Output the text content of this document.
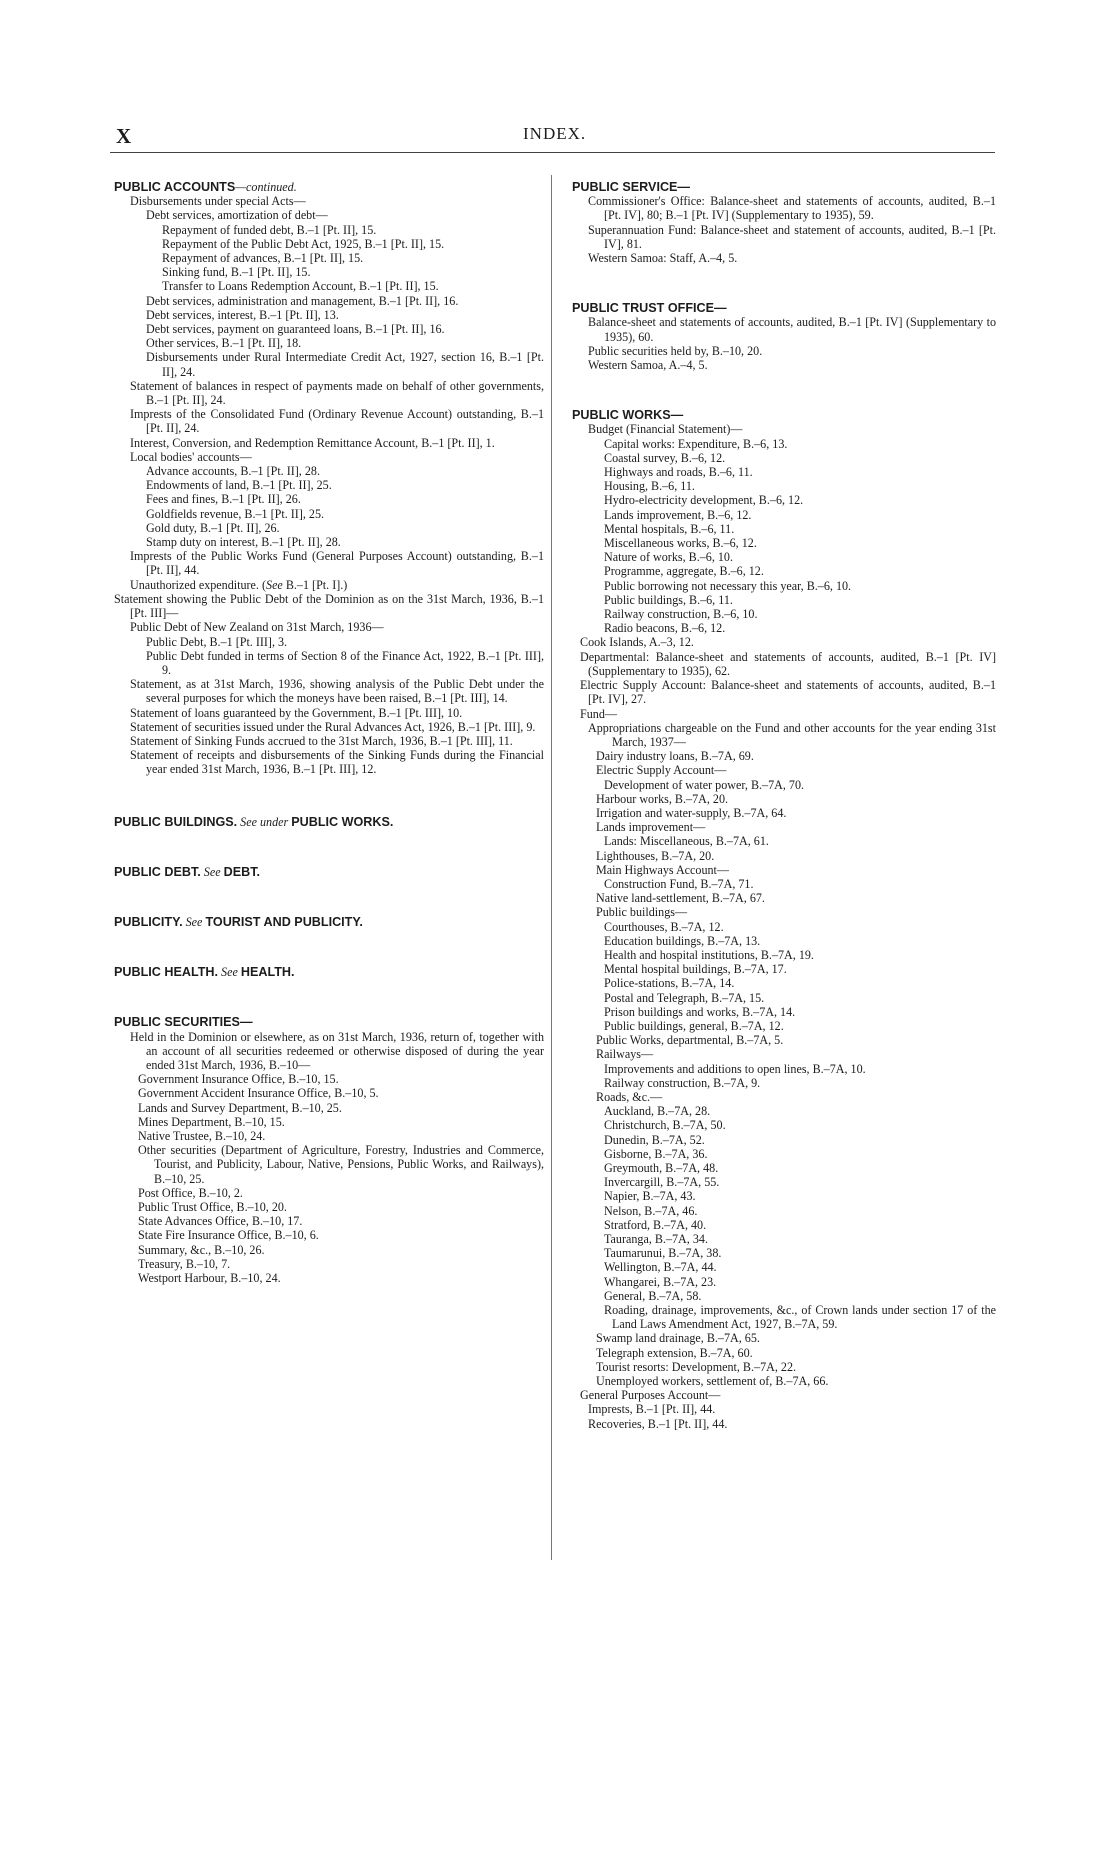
X	INDEX.
PUBLIC ACCOUNTS—continued.
Disbursements under special Acts—
Debt services, amortization of debt—
Repayment of funded debt, B.–1 [Pt. II], 15.
Repayment of the Public Debt Act, 1925, B.–1 [Pt. II], 15.
Repayment of advances, B.–1 [Pt. II], 15.
Sinking fund, B.–1 [Pt. II], 15.
Transfer to Loans Redemption Account, B.–1 [Pt. II], 15.
Debt services, administration and management, B.–1 [Pt. II], 16.
Debt services, interest, B.–1 [Pt. II], 13.
Debt services, payment on guaranteed loans, B.–1 [Pt. II], 16.
Other services, B.–1 [Pt. II], 18.
Disbursements under Rural Intermediate Credit Act, 1927, section 16, B.–1 [Pt. II], 24.
Statement of balances in respect of payments made on behalf of other governments, B.–1 [Pt. II], 24.
Imprests of the Consolidated Fund (Ordinary Revenue Account) outstanding, B.–1 [Pt. II], 24.
Interest, Conversion, and Redemption Remittance Account, B.–1 [Pt. II], 1.
Local bodies' accounts—
Advance accounts, B.–1 [Pt. II], 28.
Endowments of land, B.–1 [Pt. II], 25.
Fees and fines, B.–1 [Pt. II], 26.
Goldfields revenue, B.–1 [Pt. II], 25.
Gold duty, B.–1 [Pt. II], 26.
Stamp duty on interest, B.–1 [Pt. II], 28.
Imprests of the Public Works Fund (General Purposes Account) outstanding, B.–1 [Pt. II], 44.
Unauthorized expenditure. (See B.–1 [Pt. I].)
Statement showing the Public Debt of the Dominion as on the 31st March, 1936, B.–1 [Pt. III]—
Public Debt of New Zealand on 31st March, 1936—
Public Debt, B.–1 [Pt. III], 3.
Public Debt funded in terms of Section 8 of the Finance Act, 1922, B.–1 [Pt. III], 9.
Statement, as at 31st March, 1936, showing analysis of the Public Debt under the several purposes for which the moneys have been raised, B.–1 [Pt. III], 14.
Statement of loans guaranteed by the Government, B.–1 [Pt. III], 10.
Statement of securities issued under the Rural Advances Act, 1926, B.–1 [Pt. III], 9.
Statement of Sinking Funds accrued to the 31st March, 1936, B.–1 [Pt. III], 11.
Statement of receipts and disbursements of the Sinking Funds during the Financial year ended 31st March, 1936, B.–1 [Pt. III], 12.
PUBLIC BUILDINGS. See under PUBLIC WORKS.
PUBLIC DEBT. See DEBT.
PUBLICITY. See TOURIST AND PUBLICITY.
PUBLIC HEALTH. See HEALTH.
PUBLIC SECURITIES—
Held in the Dominion or elsewhere, as on 31st March, 1936, return of, together with an account of all securities redeemed or otherwise disposed of during the year ended 31st March, 1936, B.–10—
Government Insurance Office, B.–10, 15.
Government Accident Insurance Office, B.–10, 5.
Lands and Survey Department, B.–10, 25.
Mines Department, B.–10, 15.
Native Trustee, B.–10, 24.
Other securities (Department of Agriculture, Forestry, Industries and Commerce, Tourist, and Publicity, Labour, Native, Pensions, Public Works, and Railways), B.–10, 25.
Post Office, B.–10, 2.
Public Trust Office, B.–10, 20.
State Advances Office, B.–10, 17.
State Fire Insurance Office, B.–10, 6.
Summary, &c., B.–10, 26.
Treasury, B.–10, 7.
Westport Harbour, B.–10, 24.
PUBLIC SERVICE—
Commissioner's Office: Balance-sheet and statements of accounts, audited, B.–1 [Pt. IV], 80; B.–1 [Pt. IV] (Supplementary to 1935), 59.
Superannuation Fund: Balance-sheet and statement of accounts, audited, B.–1 [Pt. IV], 81.
Western Samoa: Staff, A.–4, 5.
PUBLIC TRUST OFFICE—
Balance-sheet and statements of accounts, audited, B.–1 [Pt. IV] (Supplementary to 1935), 60.
Public securities held by, B.–10, 20.
Western Samoa, A.–4, 5.
PUBLIC WORKS—
Budget (Financial Statement)—
Capital works: Expenditure, B.–6, 13.
Coastal survey, B.–6, 12.
Highways and roads, B.–6, 11.
Housing, B.–6, 11.
Hydro-electricity development, B.–6, 12.
Lands improvement, B.–6, 12.
Mental hospitals, B.–6, 11.
Miscellaneous works, B.–6, 12.
Nature of works, B.–6, 10.
Programme, aggregate, B.–6, 12.
Public borrowing not necessary this year, B.–6, 10.
Public buildings, B.–6, 11.
Railway construction, B.–6, 10.
Radio beacons, B.–6, 12.
Cook Islands, A.–3, 12.
Departmental: Balance-sheet and statements of accounts, audited, B.–1 [Pt. IV] (Supplementary to 1935), 62.
Electric Supply Account: Balance-sheet and statements of accounts, audited, B.–1 [Pt. IV], 27.
Fund—
Appropriations chargeable on the Fund and other accounts for the year ending 31st March, 1937—
Dairy industry loans, B.–7A, 69.
Electric Supply Account—
Development of water power, B.–7A, 70.
Harbour works, B.–7A, 20.
Irrigation and water-supply, B.–7A, 64.
Lands improvement—
Lands: Miscellaneous, B.–7A, 61.
Lighthouses, B.–7A, 20.
Main Highways Account—
Construction Fund, B.–7A, 71.
Native land-settlement, B.–7A, 67.
Public buildings—
Courthouses, B.–7A, 12.
Education buildings, B.–7A, 13.
Health and hospital institutions, B.–7A, 19.
Mental hospital buildings, B.–7A, 17.
Police-stations, B.–7A, 14.
Postal and Telegraph, B.–7A, 15.
Prison buildings and works, B.–7A, 14.
Public buildings, general, B.–7A, 12.
Public Works, departmental, B.–7A, 5.
Railways—
Improvements and additions to open lines, B.–7A, 10.
Railway construction, B.–7A, 9.
Roads, &c.—
Auckland, B.–7A, 28.
Christchurch, B.–7A, 50.
Dunedin, B.–7A, 52.
Gisborne, B.–7A, 36.
Greymouth, B.–7A, 48.
Invercargill, B.–7A, 55.
Napier, B.–7A, 43.
Nelson, B.–7A, 46.
Stratford, B.–7A, 40.
Tauranga, B.–7A, 34.
Taumarunui, B.–7A, 38.
Wellington, B.–7A, 44.
Whangarei, B.–7A, 23.
General, B.–7A, 58.
Roading, drainage, improvements, &c., of Crown lands under section 17 of the Land Laws Amendment Act, 1927, B.–7A, 59.
Swamp land drainage, B.–7A, 65.
Telegraph extension, B.–7A, 60.
Tourist resorts: Development, B.–7A, 22.
Unemployed workers, settlement of, B.–7A, 66.
General Purposes Account—
Imprests, B.–1 [Pt. II], 44.
Recoveries, B.–1 [Pt. II], 44.
